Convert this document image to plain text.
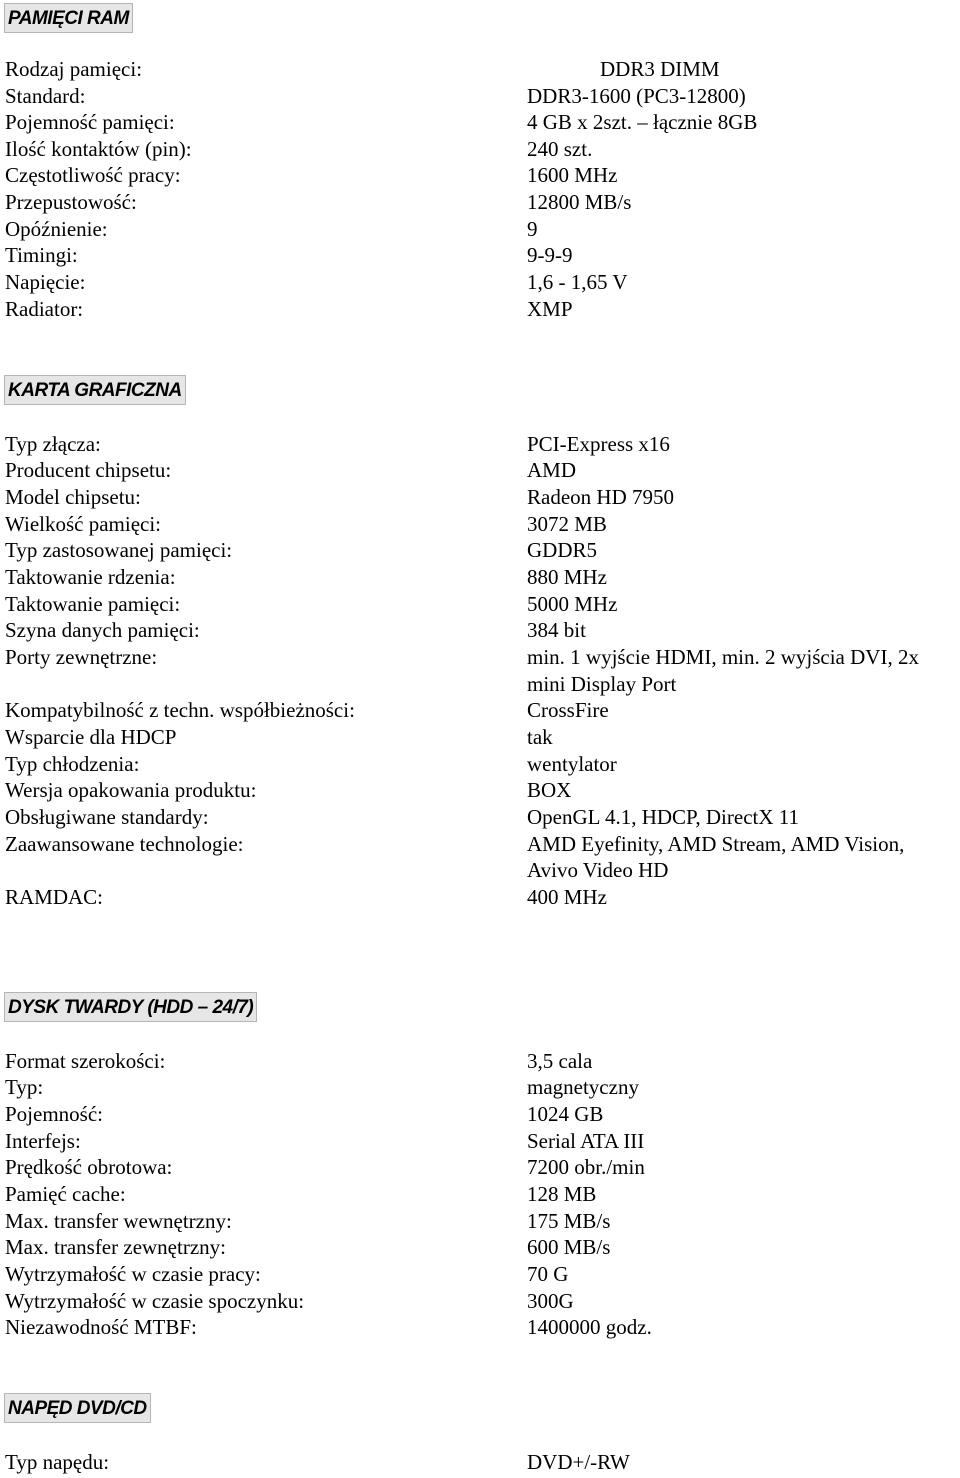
PAMIĘCI RAM
Rodzaj pamięci:	DDR3 DIMM
Standard:	DDR3-1600 (PC3-12800)
Pojemność pamięci:	4 GB x 2szt. – łącznie 8GB
Ilość kontaktów (pin):	240 szt.
Częstotliwość pracy:	1600 MHz
Przepustowość:	12800 MB/s
Opóźnienie:	9
Timingi:	9-9-9
Napięcie:	1,6 - 1,65 V
Radiator:	XMP
KARTA GRAFICZNA
Typ złącza:	PCI-Express x16
Producent chipsetu:	AMD
Model chipsetu:	Radeon HD 7950
Wielkość pamięci:	3072 MB
Typ zastosowanej pamięci:	GDDR5
Taktowanie rdzenia:	880 MHz
Taktowanie pamięci:	5000 MHz
Szyna danych pamięci:	384 bit
Porty zewnętrzne:	min. 1 wyjście HDMI, min. 2 wyjścia DVI, 2x
mini Display Port
Kompatybilność z techn. współbieżności:	CrossFire
Wsparcie dla HDCP	tak
Typ chłodzenia:	wentylator
Wersja opakowania produktu:	BOX
Obsługiwane standardy:	OpenGL 4.1, HDCP, DirectX 11
Zaawansowane technologie:	AMD Eyefinity, AMD Stream, AMD Vision,
Avivo Video HD
RAMDAC:	400 MHz
DYSK TWARDY (HDD – 24/7)
Format szerokości:	3,5 cala
Typ:	magnetyczny
Pojemność:	1024 GB
Interfejs:	Serial ATA III
Prędkość obrotowa:	7200 obr./min
Pamięć cache:	128 MB
Max. transfer wewnętrzny:	175 MB/s
Max. transfer zewnętrzny:	600 MB/s
Wytrzymałość w czasie pracy:	70 G
Wytrzymałość w czasie spoczynku:	300G
Niezawodność MTBF:	1400000 godz.
NAPĘD DVD/CD
Typ napędu:	DVD+/-RW
